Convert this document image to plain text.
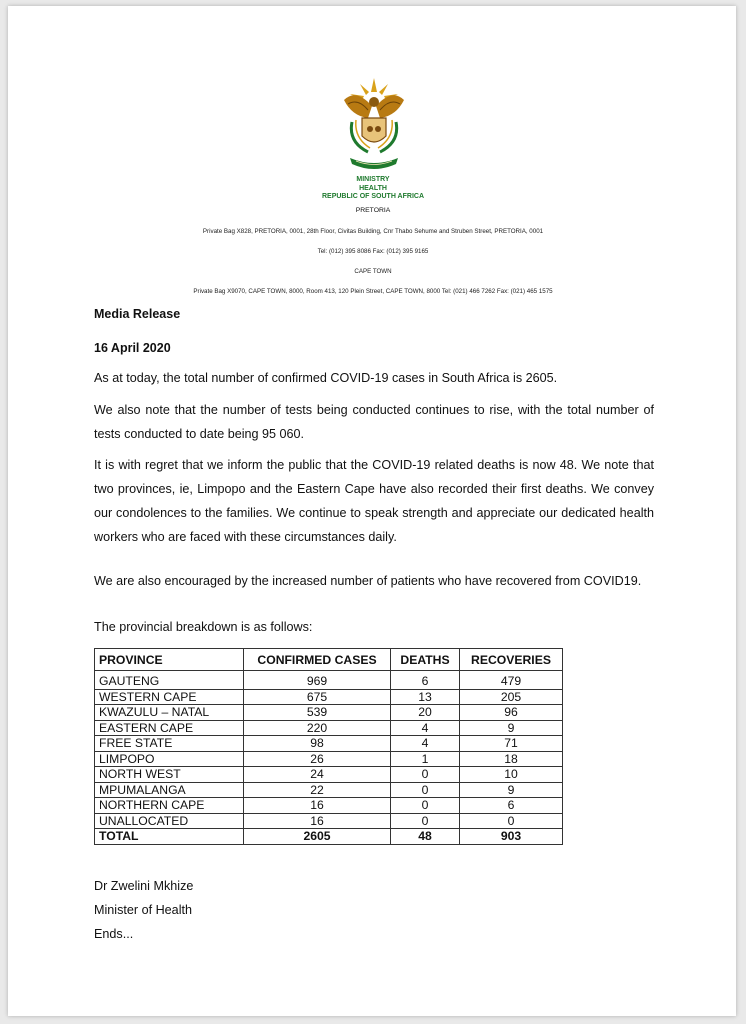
MINISTRY
HEALTH
REPUBLIC OF SOUTH AFRICA
PRETORIA
Private Bag X828, PRETORIA, 0001, 28th Floor, Civitas Building, Cnr Thabo Sehume and Struben Street, PRETORIA, 0001
Tel: (012) 395 8086 Fax: (012) 395 9165
CAPE TOWN
Private Bag X9070, CAPE TOWN, 8000, Room 413, 120 Plein Street, CAPE TOWN, 8000 Tel: (021) 466 7262 Fax: (021) 465 1575
Media Release
16 April 2020
As at today, the total number of confirmed COVID-19 cases in South Africa is 2605.
We also note that the number of tests being conducted continues to rise, with the total number of tests conducted to date being 95 060.
It is with regret that we inform the public that the COVID-19 related deaths is now 48. We note that two provinces, ie, Limpopo and the Eastern Cape have also recorded their first deaths. We convey our condolences to the families. We continue to speak strength and appreciate our dedicated health workers who are faced with these circumstances daily.
We are also encouraged by the increased number of patients who have recovered from COVID19.
The provincial breakdown is as follows:
PROVINCE	CONFIRMED CASES	DEATHS	RECOVERIES
GAUTENG	969	6	479
WESTERN CAPE	675	13	205
KWAZULU – NATAL	539	20	96
EASTERN CAPE	220	4	9
FREE STATE	98	4	71
LIMPOPO	26	1	18
NORTH WEST	24	0	10
MPUMALANGA	22	0	9
NORTHERN CAPE	16	0	6
UNALLOCATED	16	0	0
TOTAL	2605	48	903
Dr Zwelini Mkhize
Minister of Health
Ends...
